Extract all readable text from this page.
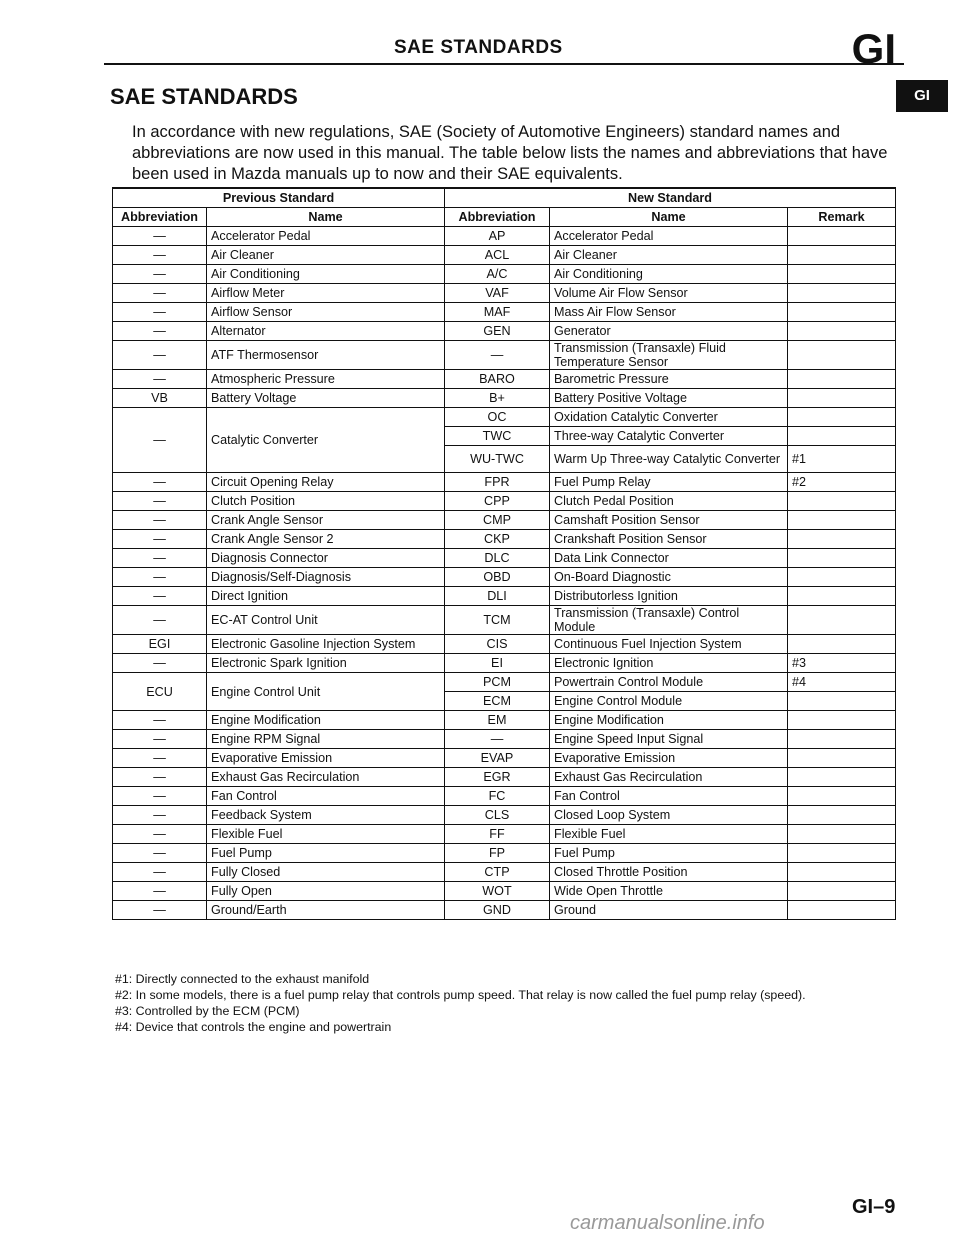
SAE STANDARDS	GI
SAE STANDARDS	GI
In accordance with new regulations, SAE (Society of Automotive Engineers) standard names and abbreviations are now used in this manual. The table below lists the names and abbreviations that have been used in Mazda manuals up to now and their SAE equivalents.
Previous Standard		New Standard		
Abbreviation	Name	Abbreviation	Name	Remark
—	Accelerator Pedal	AP	Accelerator Pedal	
—	Air Cleaner	ACL	Air Cleaner	
—	Air Conditioning	A/C	Air Conditioning	
—	Airflow Meter	VAF	Volume Air Flow Sensor	
—	Airflow Sensor	MAF	Mass Air Flow Sensor	
—	Alternator	GEN	Generator	
—	ATF Thermosensor	—	Transmission (Transaxle) Fluid Temperature Sensor	
—	Atmospheric Pressure	BARO	Barometric Pressure	
VB	Battery Voltage	B+	Battery Positive Voltage	
—	Catalytic Converter	OC	Oxidation Catalytic Converter	
		TWC	Three-way Catalytic Converter	
		WU-TWC	Warm Up Three-way Catalytic Converter	#1
—	Circuit Opening Relay	FPR	Fuel Pump Relay	#2
—	Clutch Position	CPP	Clutch Pedal Position	
—	Crank Angle Sensor	CMP	Camshaft Position Sensor	
—	Crank Angle Sensor 2	CKP	Crankshaft Position Sensor	
—	Diagnosis Connector	DLC	Data Link Connector	
—	Diagnosis/Self-Diagnosis	OBD	On-Board Diagnostic	
—	Direct Ignition	DLI	Distributorless Ignition	
—	EC-AT Control Unit	TCM	Transmission (Transaxle) Control Module	
EGI	Electronic Gasoline Injection System	CIS	Continuous Fuel Injection System	
—	Electronic Spark Ignition	EI	Electronic Ignition	#3
ECU	Engine Control Unit	PCM	Powertrain Control Module	#4
		ECM	Engine Control Module	
—	Engine Modification	EM	Engine Modification	
—	Engine RPM Signal	—	Engine Speed Input Signal	
—	Evaporative Emission	EVAP	Evaporative Emission	
—	Exhaust Gas Recirculation	EGR	Exhaust Gas Recirculation	
—	Fan Control	FC	Fan Control	
—	Feedback System	CLS	Closed Loop System	
—	Flexible Fuel	FF	Flexible Fuel	
—	Fuel Pump	FP	Fuel Pump	
—	Fully Closed	CTP	Closed Throttle Position	
—	Fully Open	WOT	Wide Open Throttle	
—	Ground/Earth	GND	Ground	
#1: Directly connected to the exhaust manifold
#2: In some models, there is a fuel pump relay that controls pump speed. That relay is now called the fuel pump relay (speed).
#3: Controlled by the ECM (PCM)
#4: Device that controls the engine and powertrain
carmanualsonline.info
GI–9
